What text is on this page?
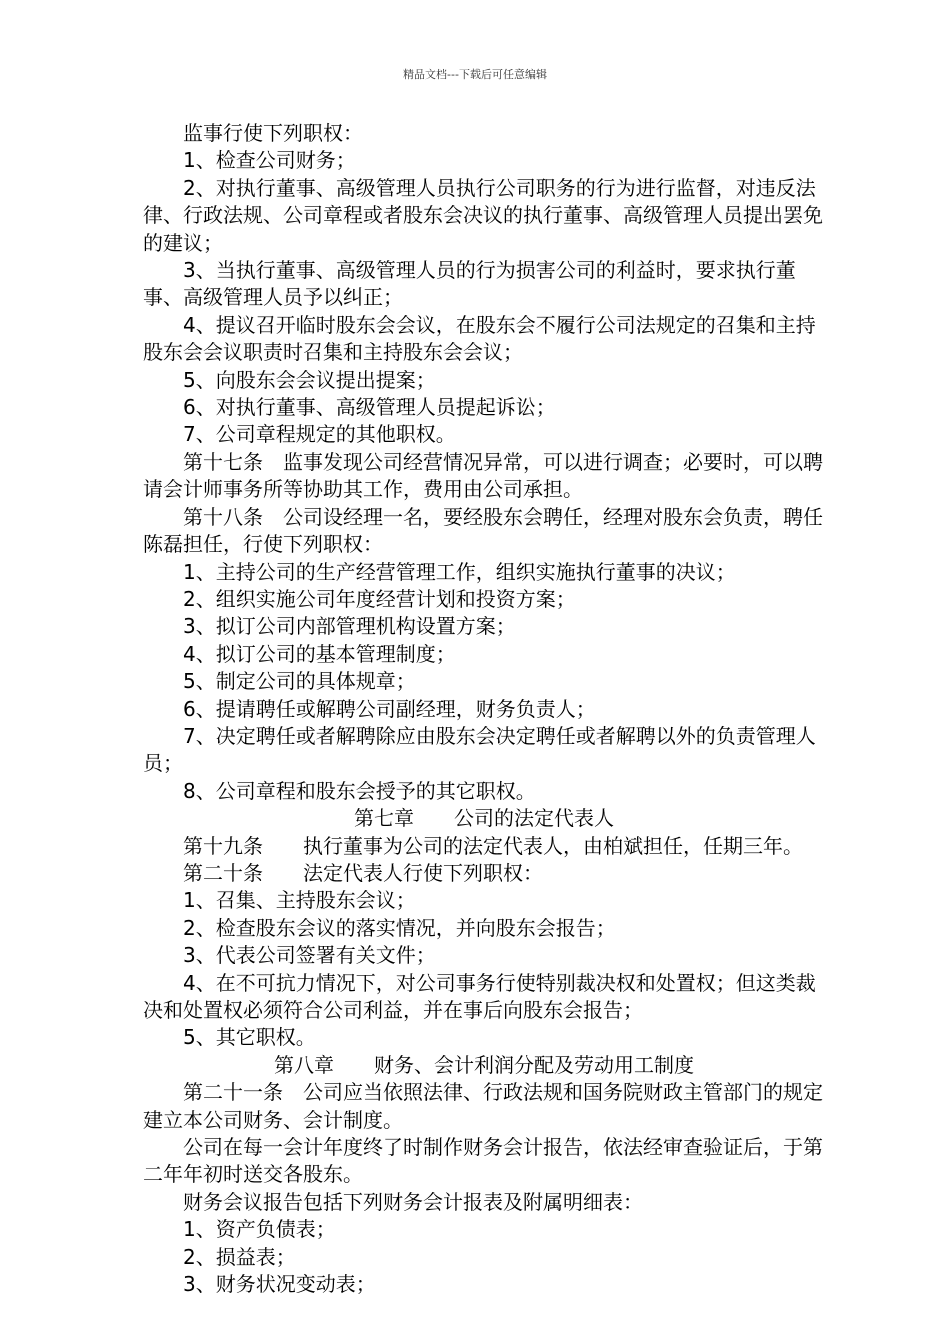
精品文档---下载后可任意编辑

监事行使下列职权：

1、检查公司财务；

2、对执行董事、高级管理人员执行公司职务的行为进行监督，对违反法律、行政法规、公司章程或者股东会决议的执行董事、高级管理人员提出罢免的建议；

3、当执行董事、高级管理人员的行为损害公司的利益时，要求执行董事、高级管理人员予以纠正；

4、提议召开临时股东会会议，在股东会不履行公司法规定的召集和主持股东会会议职责时召集和主持股东会会议；

5、向股东会会议提出提案；

6、对执行董事、高级管理人员提起诉讼；

7、公司章程规定的其他职权。

第十七条　监事发现公司经营情况异常，可以进行调查；必要时，可以聘请会计师事务所等协助其工作，费用由公司承担。

第十八条　公司设经理一名，要经股东会聘任，经理对股东会负责，聘任陈磊担任，行使下列职权：

1、主持公司的生产经营管理工作，组织实施执行董事的决议；

2、组织实施公司年度经营计划和投资方案；

3、拟订公司内部管理机构设置方案；

4、拟订公司的基本管理制度；

5、制定公司的具体规章；

6、提请聘任或解聘公司副经理，财务负责人；

7、决定聘任或者解聘除应由股东会决定聘任或者解聘以外的负责管理人员；

8、公司章程和股东会授予的其它职权。

第七章　　公司的法定代表人

第十九条　　执行董事为公司的法定代表人，由柏斌担任，任期三年。

第二十条　　法定代表人行使下列职权：

1、召集、主持股东会议；

2、检查股东会议的落实情况，并向股东会报告；

3、代表公司签署有关文件；

4、在不可抗力情况下，对公司事务行使特别裁决权和处置权；但这类裁决和处置权必须符合公司利益，并在事后向股东会报告；

5、其它职权。

第八章　　财务、会计利润分配及劳动用工制度

第二十一条　公司应当依照法律、行政法规和国务院财政主管部门的规定建立本公司财务、会计制度。

公司在每一会计年度终了时制作财务会计报告，依法经审查验证后，于第二年年初时送交各股东。

财务会议报告包括下列财务会计报表及附属明细表：

1、资产负债表；

2、损益表；

3、财务状况变动表；
